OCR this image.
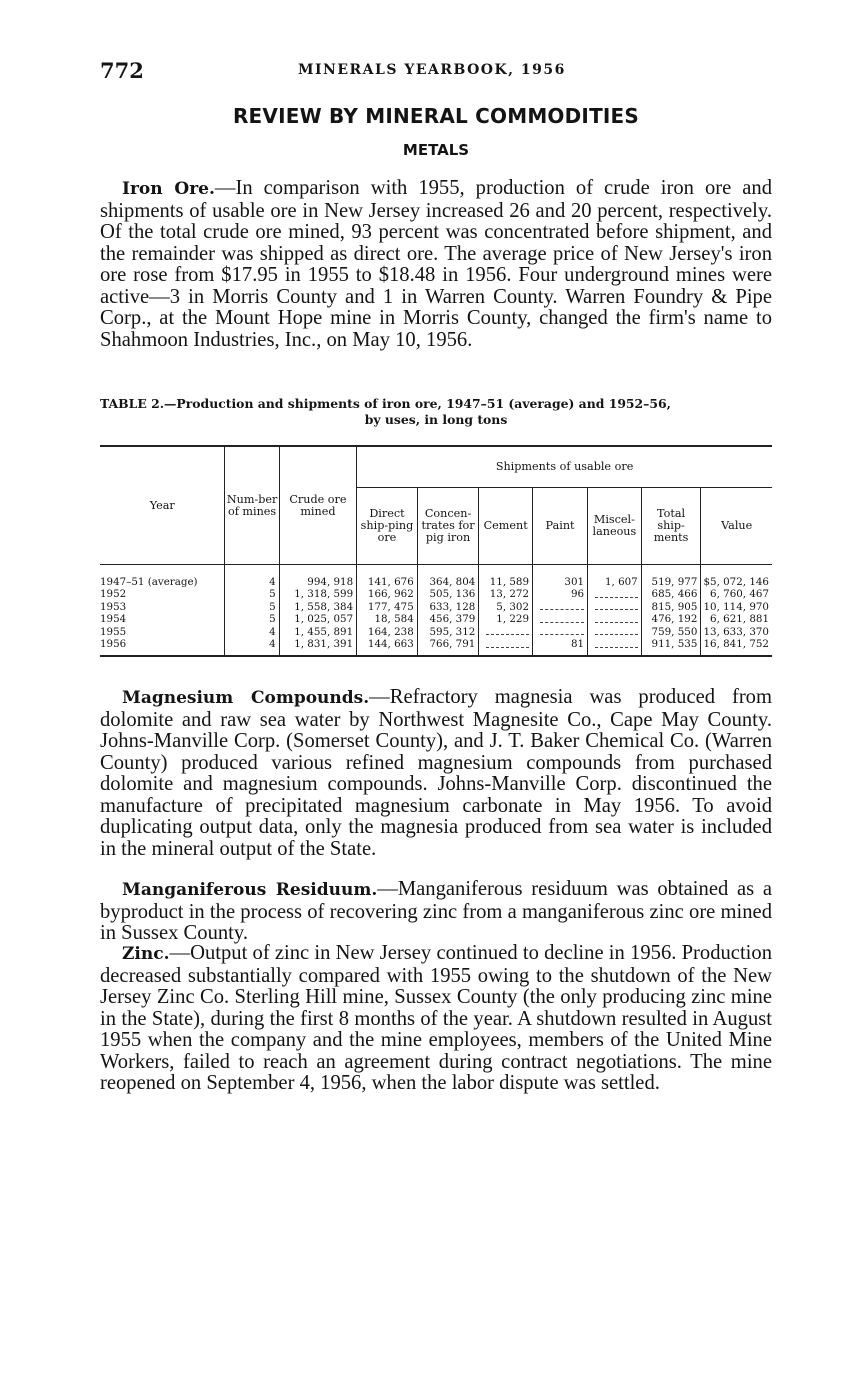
772	MINERALS YEARBOOK, 1956
REVIEW BY MINERAL COMMODITIES
METALS

Iron Ore.—In comparison with 1955, production of crude iron ore and shipments of usable ore in New Jersey increased 26 and 20 percent, respectively. Of the total crude ore mined, 93 percent was concentrated before shipment, and the remainder was shipped as direct ore. The average price of New Jersey's iron ore rose from $17.95 in 1955 to $18.48 in 1956. Four underground mines were active—3 in Morris County and 1 in Warren County. Warren Foundry & Pipe Corp., at the Mount Hope mine in Morris County, changed the firm's name to Shahmoon Industries, Inc., on May 10, 1956.

TABLE 2.—Production and shipments of iron ore, 1947–51 (average) and 1952–56,
by uses, in long tons
Year	Num-ber of mines	Crude ore mined	Shipments of usable ore						
			Direct ship-ping ore	Concen-trates for pig iron	Cement	Paint	Miscel-laneous	Total ship-ments	Value
1947–51 (average)	4	994, 918	141, 676	364, 804	11, 589	301	1, 607	519, 977	$5, 072, 146
1952	5	1, 318, 599	166, 962	505, 136	13, 272	96		685, 466	6, 760, 467
1953	5	1, 558, 384	177, 475	633, 128	5, 302			815, 905	10, 114, 970
1954	5	1, 025, 057	18, 584	456, 379	1, 229			476, 192	6, 621, 881
1955	4	1, 455, 891	164, 238	595, 312				759, 550	13, 633, 370
1956	4	1, 831, 391	144, 663	766, 791		81		911, 535	16, 841, 752

Magnesium Compounds.—Refractory magnesia was produced from dolomite and raw sea water by Northwest Magnesite Co., Cape May County. Johns-Manville Corp. (Somerset County), and J. T. Baker Chemical Co. (Warren County) produced various refined magnesium compounds from purchased dolomite and magnesium compounds. Johns-Manville Corp. discontinued the manufacture of precipitated magnesium carbonate in May 1956. To avoid duplicating output data, only the magnesia produced from sea water is included in the mineral output of the State.

Manganiferous Residuum.—Manganiferous residuum was obtained as a byproduct in the process of recovering zinc from a manganiferous zinc ore mined in Sussex County.

Zinc.—Output of zinc in New Jersey continued to decline in 1956. Production decreased substantially compared with 1955 owing to the shutdown of the New Jersey Zinc Co. Sterling Hill mine, Sussex County (the only producing zinc mine in the State), during the first 8 months of the year. A shutdown resulted in August 1955 when the company and the mine employees, members of the United Mine Workers, failed to reach an agreement during contract negotiations. The mine reopened on September 4, 1956, when the labor dispute was settled.
